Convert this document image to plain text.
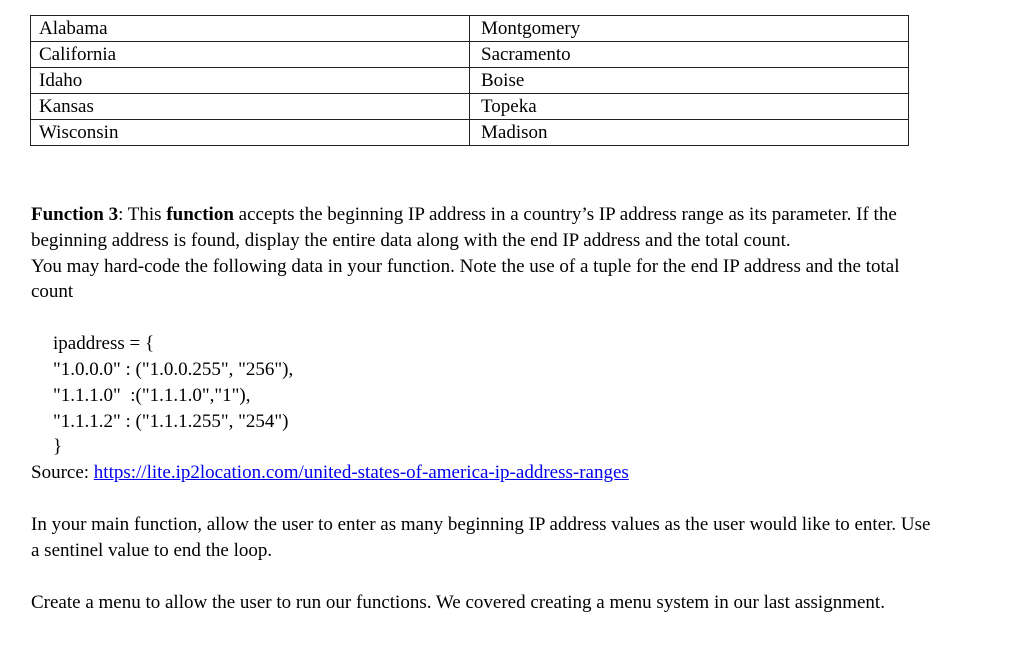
Alabama	Montgomery
California	Sacramento
Idaho	Boise
Kansas	Topeka
Wisconsin	Madison

Function 3: This function accepts the beginning IP address in a country’s IP address range as its parameter. If the beginning address is found, display the entire data along with the end IP address and the total count.

You may hard-code the following data in your function. Note the use of a tuple for the end IP address and the total count

ipaddress = {
"1.0.0.0" : ("1.0.0.255", "256"),
"1.1.1.0"  :("1.1.1.0","1"),
"1.1.1.2" : ("1.1.1.255", "254")
}

Source: https://lite.ip2location.com/united-states-of-america-ip-address-ranges

In your main function, allow the user to enter as many beginning IP address values as the user would like to enter. Use a sentinel value to end the loop.

Create a menu to allow the user to run our functions. We covered creating a menu system in our last assignment.
